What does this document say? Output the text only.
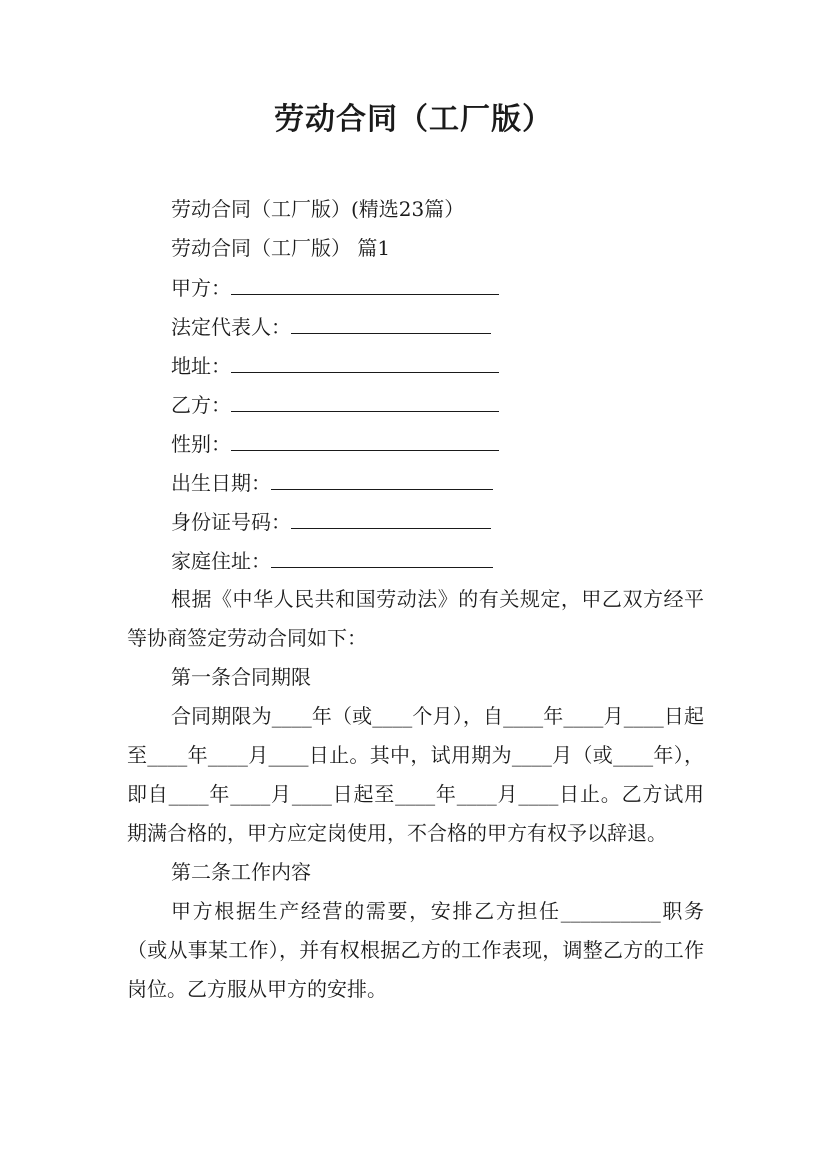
劳动合同（工厂版）
劳动合同（工厂版）(精选23篇）
劳动合同（工厂版） 篇1
甲方：
法定代表人：
地址：
乙方：
性别：
出生日期：
身份证号码：
家庭住址：
根据《中华人民共和国劳动法》的有关规定，甲乙双方经平等协商签定劳动合同如下：
第一条合同期限
合同期限为____年（或____个月），自____年____月____日起至____年____月____日止。其中，试用期为____月（或____年），即自____年____月____日起至____年____月____日止。乙方试用期满合格的，甲方应定岗使用，不合格的甲方有权予以辞退。
第二条工作内容
甲方根据生产经营的需要，安排乙方担任__________职务（或从事某工作），并有权根据乙方的工作表现，调整乙方的工作岗位。乙方服从甲方的安排。
